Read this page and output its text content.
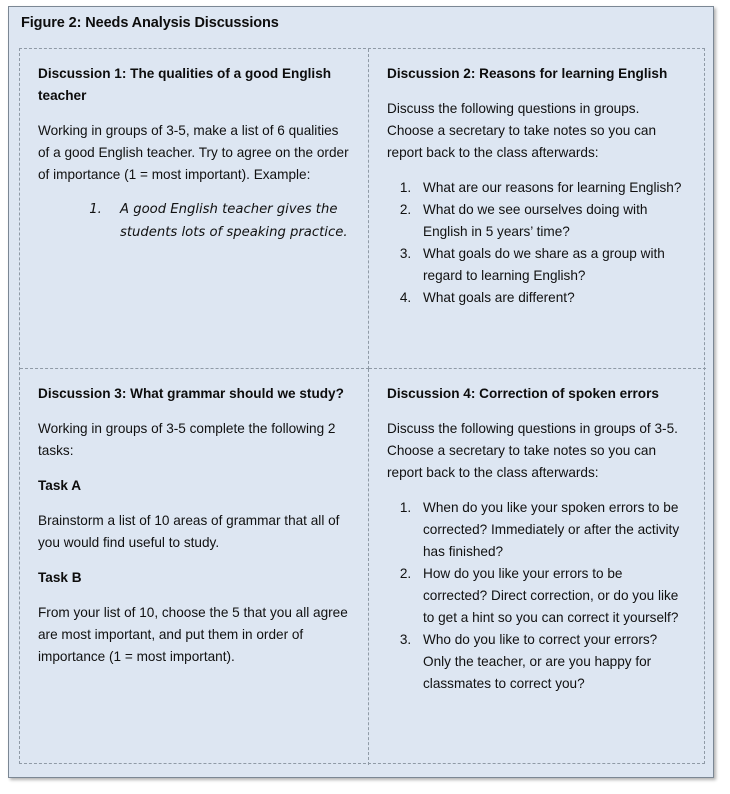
Figure 2: Needs Analysis Discussions
Discussion 1: The qualities of a good English teacher
Working in groups of 3-5, make a list of 6 qualities of a good English teacher. Try to agree on the order of importance (1 = most important). Example:
1. A good English teacher gives the students lots of speaking practice.
Discussion 2: Reasons for learning English
Discuss the following questions in groups. Choose a secretary to take notes so you can report back to the class afterwards:
1. What are our reasons for learning English?
2. What do we see ourselves doing with English in 5 years’ time?
3. What goals do we share as a group with regard to learning English?
4. What goals are different?
Discussion 3: What grammar should we study?
Working in groups of 3-5 complete the following 2 tasks:
Task A
Brainstorm a list of 10 areas of grammar that all of you would find useful to study.
Task B
From your list of 10, choose the 5 that you all agree are most important, and put them in order of importance (1 = most important).
Discussion 4: Correction of spoken errors
Discuss the following questions in groups of 3-5. Choose a secretary to take notes so you can report back to the class afterwards:
1. When do you like your spoken errors to be corrected? Immediately or after the activity has finished?
2. How do you like your errors to be corrected? Direct correction, or do you like to get a hint so you can correct it yourself?
3. Who do you like to correct your errors? Only the teacher, or are you happy for classmates to correct you?
